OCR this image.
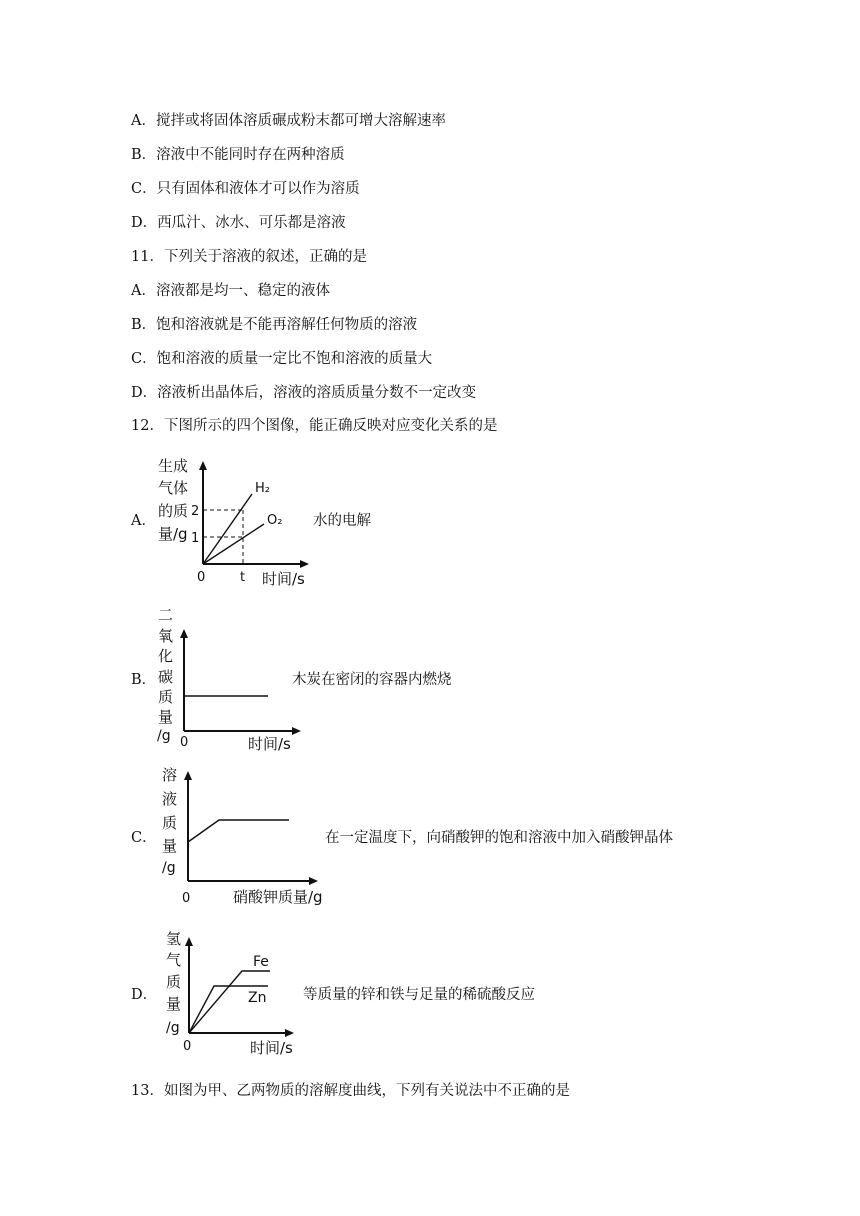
A．搅拌或将固体溶质碾成粉末都可增大溶解速率
B．溶液中不能同时存在两种溶质
C．只有固体和液体才可以作为溶质
D．西瓜汁、冰水、可乐都是溶液
11．下列关于溶液的叙述，正确的是
A．溶液都是均一、稳定的液体
B．饱和溶液就是不能再溶解任何物质的溶液
C．饱和溶液的质量一定比不饱和溶液的质量大
D．溶液析出晶体后，溶液的溶质质量分数不一定改变
12．下图所示的四个图像，能正确反映对应变化关系的是
A．
生成
气体
的质
量/g
2
1
H₂
O₂
0	t 时间/s
水的电解
B．
二
氧
化
碳
质
量
/g 0	时间/s
木炭在密闭的容器内燃烧
C．
溶
液
质
量
/g
0	硝酸钾质量/g
在一定温度下，向硝酸钾的饱和溶液中加入硝酸钾晶体
D．
氢
气
质
量
/g
Fe
Zn
0	时间/s
等质量的锌和铁与足量的稀硫酸反应
13．如图为甲、乙两物质的溶解度曲线，下列有关说法中不正确的是
